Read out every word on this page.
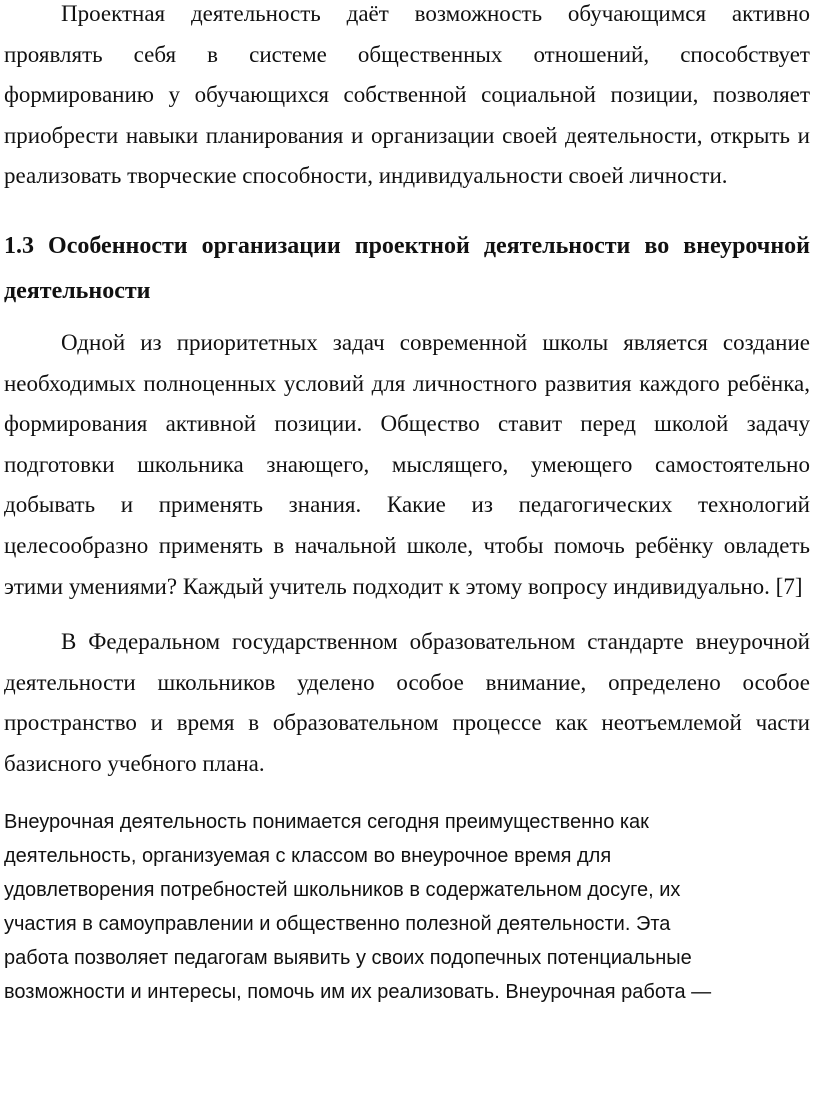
Проектная деятельность даёт возможность обучающимся активно проявлять себя в системе общественных отношений, способствует формированию у обучающихся собственной социальной позиции, позволяет приобрести навыки планирования и организации своей деятельности, открыть и реализовать творческие способности, индивидуальности своей личности.

1.3 Особенности организации проектной деятельности во внеурочной деятельности

Одной из приоритетных задач современной школы является создание необходимых полноценных условий для личностного развития каждого ребёнка, формирования активной позиции. Общество ставит перед школой задачу подготовки школьника знающего, мыслящего, умеющего самостоятельно добывать и применять знания. Какие из педагогических технологий целесообразно применять в начальной школе, чтобы помочь ребёнку овладеть этими умениями? Каждый учитель подходит к этому вопросу индивидуально. [7]

В Федеральном государственном образовательном стандарте внеурочной деятельности школьников уделено особое внимание, определено особое пространство и время в образовательном процессе как неотъемлемой части базисного учебного плана.

Внеурочная деятельность понимается сегодня преимущественно как
деятельность, организуемая с классом во внеурочное время для
удовлетворения потребностей школьников в содержательном досуге, их
участия в самоуправлении и общественно полезной деятельности. Эта
работа позволяет педагогам выявить у своих подопечных потенциальные
возможности и интересы, помочь им их реализовать. Внеурочная работа —
